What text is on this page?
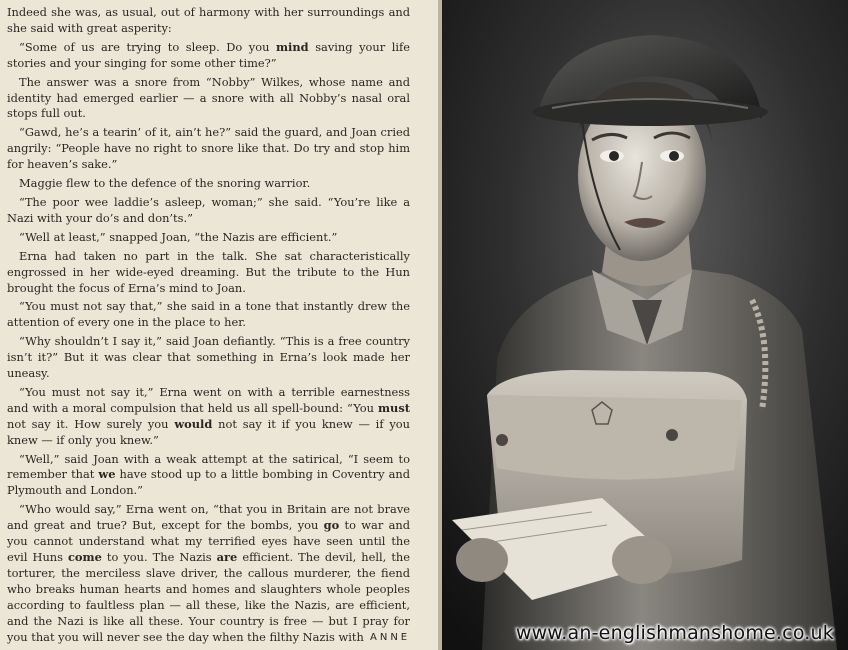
Indeed she was, as usual, out of harmony with her surroundings and she said with great asperity:

“Some of us are trying to sleep. Do you mind saving your life stories and your singing for some other time?”

The answer was a snore from “Nobby” Wilkes, whose name and identity had emerged earlier — a snore with all Nobby’s nasal oral stops full out.

“Gawd, he’s a tearin’ of it, ain’t he?” said the guard, and Joan cried angrily: “People have no right to snore like that. Do try and stop him for heaven’s sake.”

Maggie flew to the defence of the snoring warrior.

“The poor wee laddie’s asleep, woman;” she said. “You’re like a Nazi with your do’s and don’ts.”

“Well at least,” snapped Joan, “the Nazis are efficient.”

Erna had taken no part in the talk. She sat characteristically engrossed in her wide-eyed dreaming. But the tribute to the Hun brought the focus of Erna’s mind to Joan.

“You must not say that,” she said in a tone that instantly drew the attention of every one in the place to her.

“Why shouldn’t I say it,” said Joan defiantly. “This is a free country isn’t it?” But it was clear that something in Erna’s look made her uneasy.

“You must not say it,” Erna went on with a terrible earnestness and with a moral compulsion that held us all spell-bound: “You must not say it. How surely you would not say it if you knew — if you knew — if only you knew.”

“Well,” said Joan with a weak attempt at the satirical, “I seem to remember that we have stood up to a little bombing in Coventry and Plymouth and London.”

“Who would say,” Erna went on, “that you in Britain are not brave and great and true? But, except for the bombs, you go to war and you cannot understand what my terrified eyes have seen until the evil Huns come to you. The Nazis are efficient. The devil, hell, the torturer, the merciless slave driver, the callous murderer, the fiend who breaks human hearts and homes and slaughters whole peoples according to faultless plan — all these, like the Nazis, are efficient, and the Nazi is like all these. Your country is free — but I pray for you that you will never see the day when the filthy Nazis with ANNE	www.an-englishmanshome.co.uk
